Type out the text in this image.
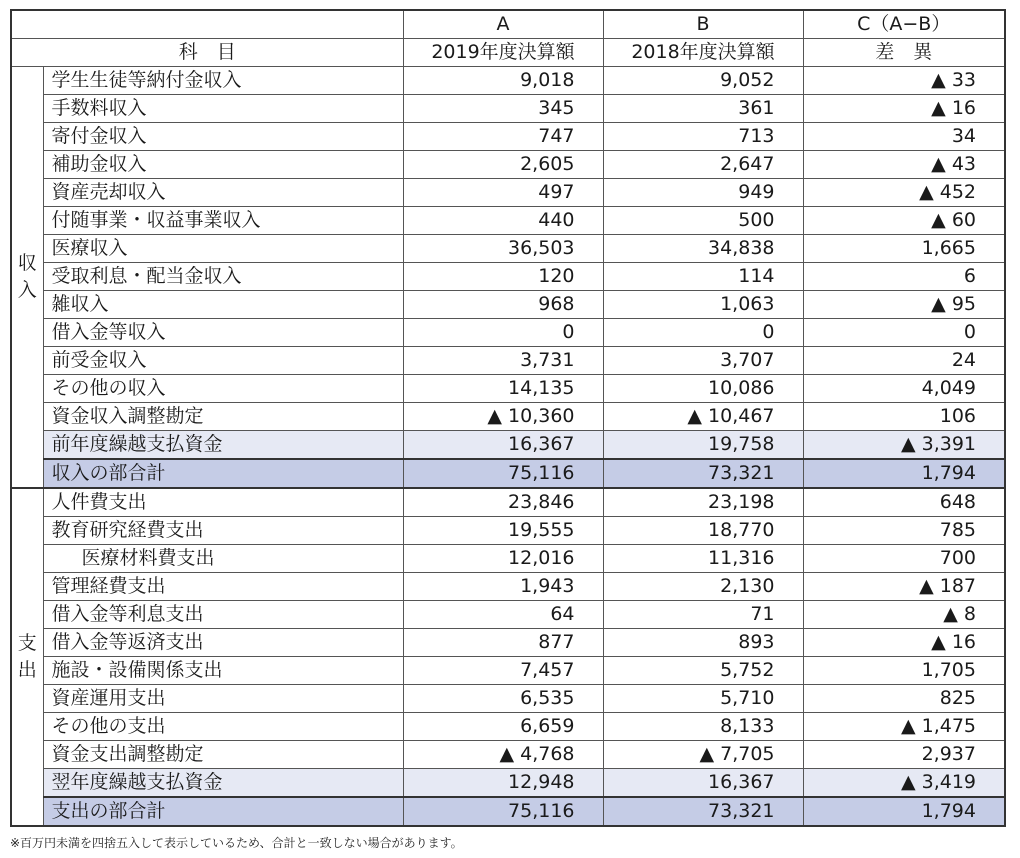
		A	B	C（A−B）
科　目		2019年度決算額	2018年度決算額	差　異
収
入	学生生徒等納付金収入	9,018	9,052	▲ 33
	手数料収入	345	361	▲ 16
	寄付金収入	747	713	34
	補助金収入	2,605	2,647	▲ 43
	資産売却収入	497	949	▲ 452
	付随事業・収益事業収入	440	500	▲ 60
	医療収入	36,503	34,838	1,665
	受取利息・配当金収入	120	114	6
	雑収入	968	1,063	▲ 95
	借入金等収入	0	0	0
	前受金収入	3,731	3,707	24
	その他の収入	14,135	10,086	4,049
	資金収入調整勘定	▲ 10,360	▲ 10,467	106
	前年度繰越支払資金	16,367	19,758	▲ 3,391
	収入の部合計	75,116	73,321	1,794
支
出	人件費支出	23,846	23,198	648
	教育研究経費支出	19,555	18,770	785
	医療材料費支出	12,016	11,316	700
	管理経費支出	1,943	2,130	▲ 187
	借入金等利息支出	64	71	▲ 8
	借入金等返済支出	877	893	▲ 16
	施設・設備関係支出	7,457	5,752	1,705
	資産運用支出	6,535	5,710	825
	その他の支出	6,659	8,133	▲ 1,475
	資金支出調整勘定	▲ 4,768	▲ 7,705	2,937
	翌年度繰越支払資金	12,948	16,367	▲ 3,419
	支出の部合計	75,116	73,321	1,794
※百万円未満を四捨五入して表示しているため、合計と一致しない場合があります。
